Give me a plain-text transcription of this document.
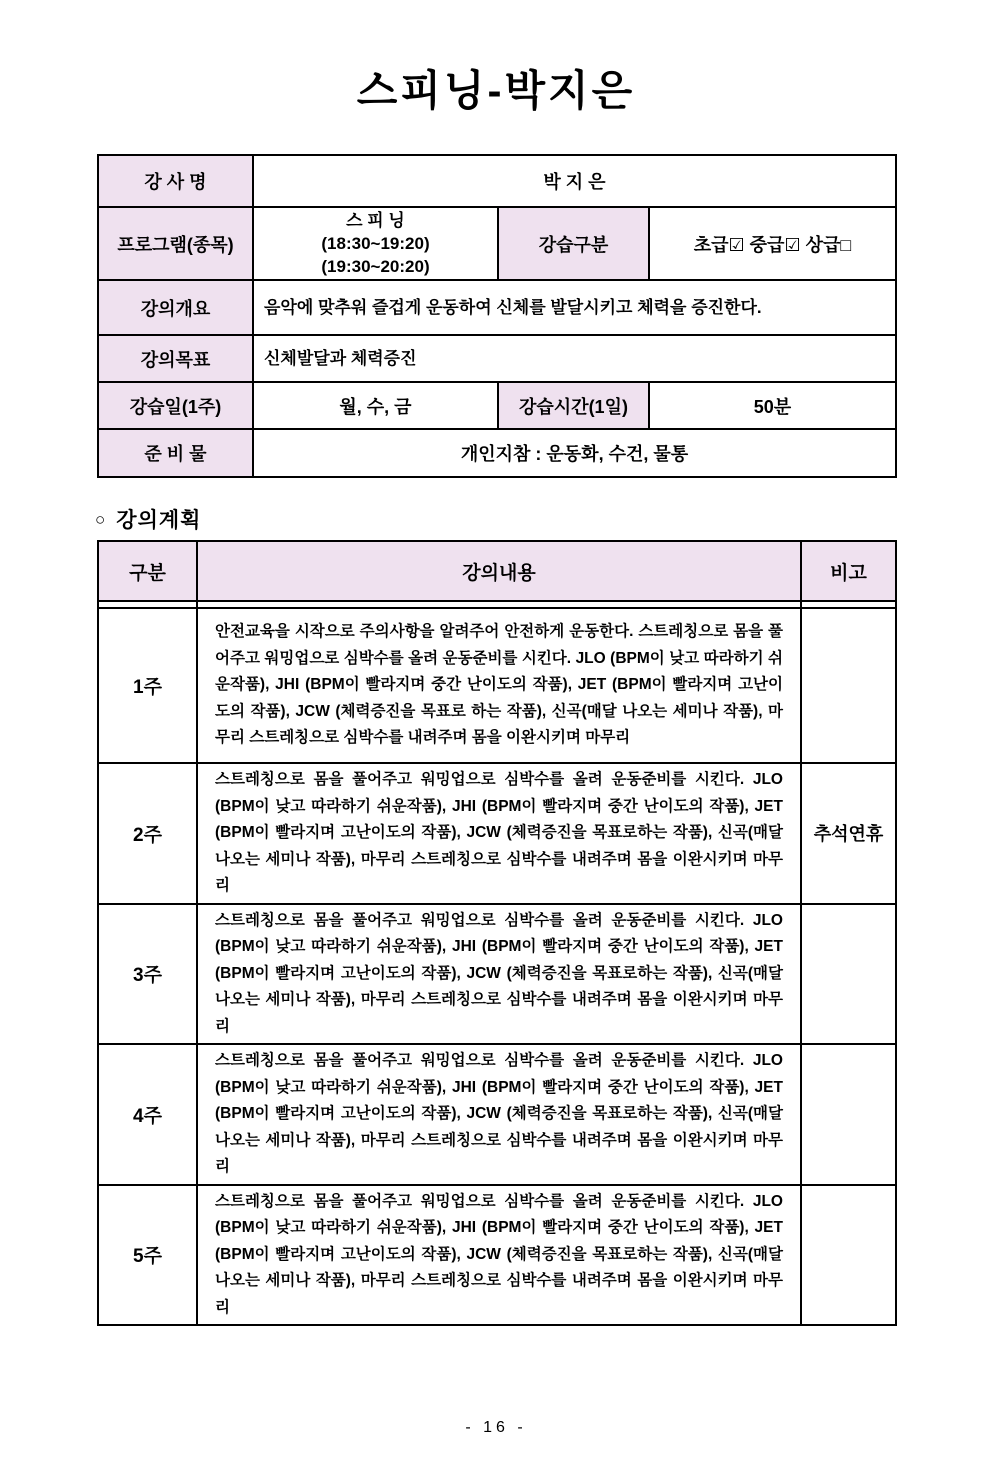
스피닝-박지은
강 사 명	박 지 은		
프로그램(종목)	스 피 닝
(18:30~19:20)
(19:30~20:20)	강습구분	초급☑ 중급☑ 상급□
강의개요	음악에 맞추워 즐겁게 운동하여 신체를 발달시키고 체력을 증진한다.		
강의목표	신체발달과 체력증진		
강습일(1주)	월, 수, 금	강습시간(1일)	50분
준 비 물	개인지참 : 운동화, 수건, 물통		
○ 강의계획
구분	강의내용	비고

1주	안전교육을 시작으로 주의사항을 알려주어 안전하게 운동한다. 스트레칭으로 몸을 풀어주고 워밍업으로 심박수를 올려 운동준비를 시킨다. JLO (BPM이 낮고 따라하기 쉬운작품), JHI (BPM이 빨라지며 중간 난이도의 작품), JET (BPM이 빨라지며 고난이도의 작품), JCW (체력증진을 목표로 하는 작품), 신곡(매달 나오는 세미나 작품), 마무리 스트레칭으로 심박수를 내려주며 몸을 이완시키며 마무리	
2주	스트레칭으로 몸을 풀어주고 워밍업으로 심박수를 올려 운동준비를 시킨다. JLO (BPM이 낮고 따라하기 쉬운작품), JHI (BPM이 빨라지며 중간 난이도의 작품), JET (BPM이 빨라지며 고난이도의 작품), JCW (체력증진을 목표로하는 작품), 신곡(매달 나오는 세미나 작품), 마무리 스트레칭으로 심박수를 내려주며 몸을 이완시키며 마무리	추석연휴
3주	스트레칭으로 몸을 풀어주고 워밍업으로 심박수를 올려 운동준비를 시킨다. JLO (BPM이 낮고 따라하기 쉬운작품), JHI (BPM이 빨라지며 중간 난이도의 작품), JET (BPM이 빨라지며 고난이도의 작품), JCW (체력증진을 목표로하는 작품), 신곡(매달 나오는 세미나 작품), 마무리 스트레칭으로 심박수를 내려주며 몸을 이완시키며 마무리	
4주	스트레칭으로 몸을 풀어주고 워밍업으로 심박수를 올려 운동준비를 시킨다. JLO (BPM이 낮고 따라하기 쉬운작품), JHI (BPM이 빨라지며 중간 난이도의 작품), JET (BPM이 빨라지며 고난이도의 작품), JCW (체력증진을 목표로하는 작품), 신곡(매달 나오는 세미나 작품), 마무리 스트레칭으로 심박수를 내려주며 몸을 이완시키며 마무리	
5주	스트레칭으로 몸을 풀어주고 워밍업으로 심박수를 올려 운동준비를 시킨다. JLO (BPM이 낮고 따라하기 쉬운작품), JHI (BPM이 빨라지며 중간 난이도의 작품), JET (BPM이 빨라지며 고난이도의 작품), JCW (체력증진을 목표로하는 작품), 신곡(매달 나오는 세미나 작품), 마무리 스트레칭으로 심박수를 내려주며 몸을 이완시키며 마무리	
- 16 -
